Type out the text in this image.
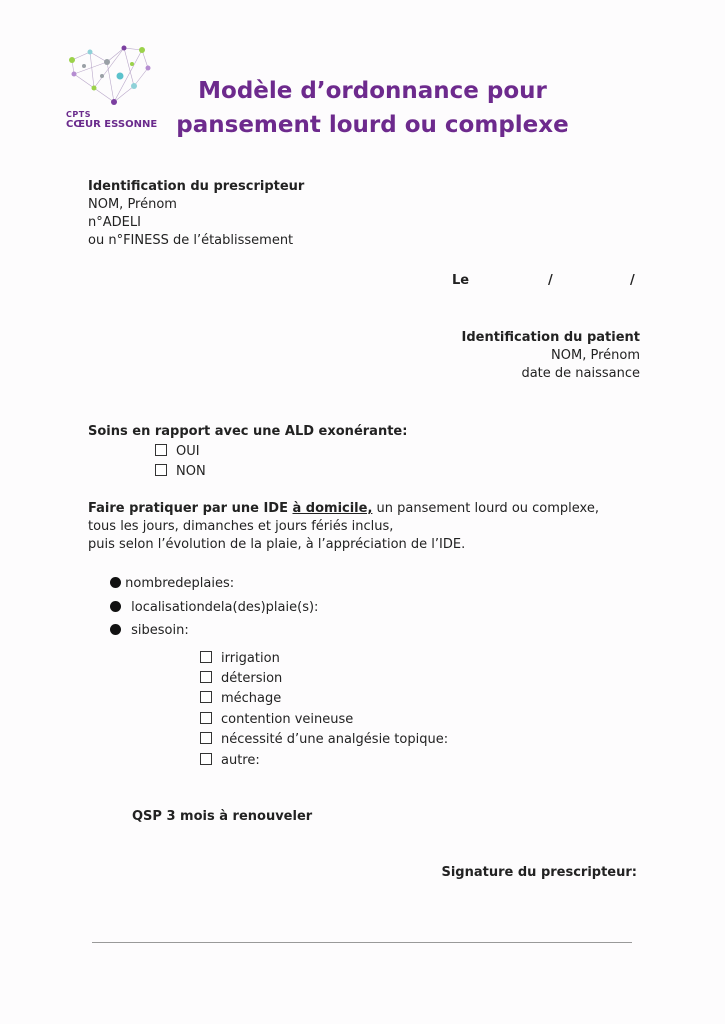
CPTS
CŒUR ESSONNE
Modèle d’ordonnance pour
pansement lourd ou complexe
Identification du prescripteur
NOM, Prénom
n°ADELI
ou n°FINESS de l’établissement
Le	/	/
Identification du patient
NOM, Prénom
date de naissance
Soins en rapport avec une ALD exonérante:
OUI
NON
Faire pratiquer par une IDE à domicile, un pansement lourd ou complexe,
tous les jours, dimanches et jours fériés inclus,
puis selon l’évolution de la plaie, à l’appréciation de l’IDE.
nombredeplaies:
localisationdela(des)plaie(s):
sibesoin:
irrigation
détersion
méchage
contention veineuse
nécessité d’une analgésie topique:
autre:
QSP 3 mois à renouveler
Signature du prescripteur:
